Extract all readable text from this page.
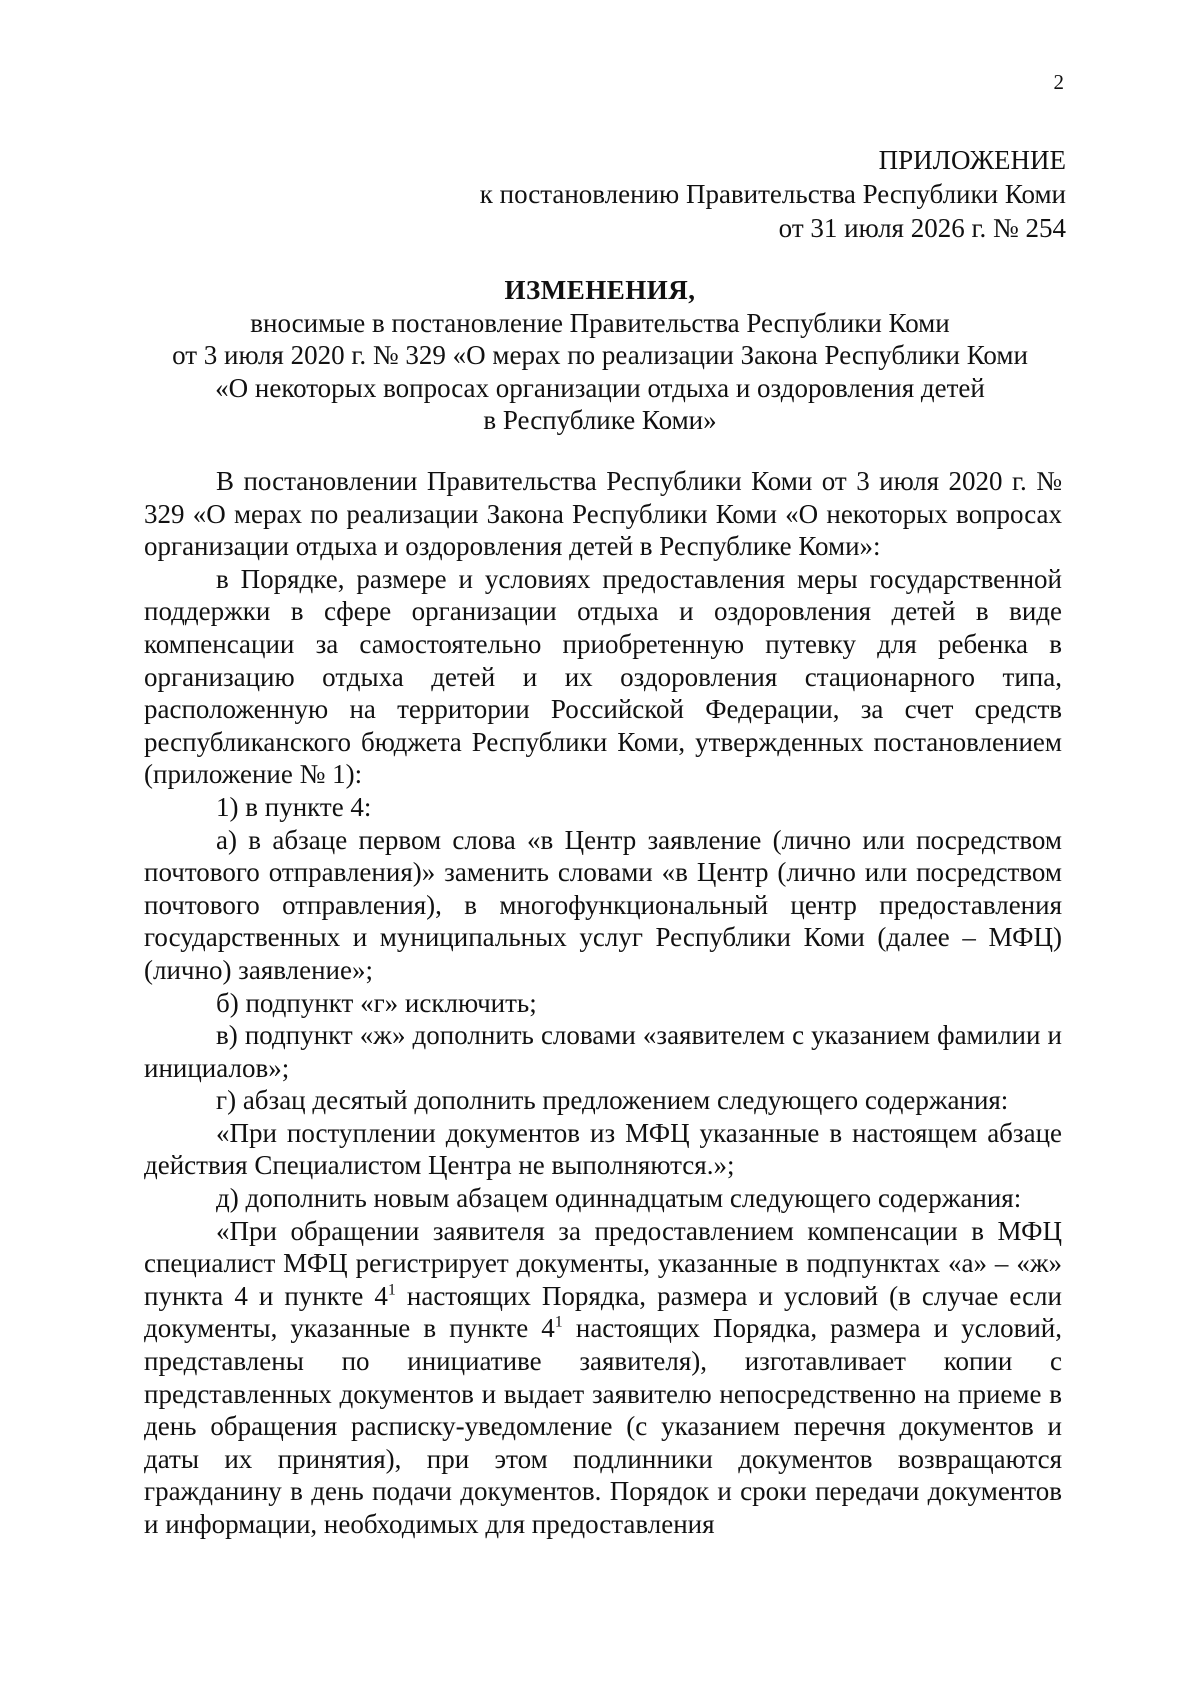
2
ПРИЛОЖЕНИЕ
к постановлению Правительства Республики Коми
от 31 июля 2026 г. № 254
ИЗМЕНЕНИЯ,
вносимые в постановление Правительства Республики Коми
от 3 июля 2020 г. № 329 «О мерах по реализации Закона Республики Коми
«О некоторых вопросах организации отдыха и оздоровления детей
в Республике Коми»

В постановлении Правительства Республики Коми от 3 июля 2020 г. № 329 «О мерах по реализации Закона Республики Коми «О некоторых вопросах организации отдыха и оздоровления детей в Республике Коми»:

в Порядке, размере и условиях предоставления меры государственной поддержки в сфере организации отдыха и оздоровления детей в виде компенсации за самостоятельно приобретенную путевку для ребенка в организацию отдыха детей и их оздоровления стационарного типа, расположенную на территории Российской Федерации, за счет средств республиканского бюджета Республики Коми, утвержденных постановлением (приложение № 1):

1) в пункте 4:

а) в абзаце первом слова «в Центр заявление (лично или посредством почтового отправления)» заменить словами «в Центр (лично или посредством почтового отправления), в многофункциональный центр предоставления государственных и муниципальных услуг Республики Коми (далее – МФЦ) (лично) заявление»;

б) подпункт «г» исключить;

в) подпункт «ж» дополнить словами «заявителем с указанием фамилии и инициалов»;

г) абзац десятый дополнить предложением следующего содержания:

«При поступлении документов из МФЦ указанные в настоящем абзаце действия Специалистом Центра не выполняются.»;

д) дополнить новым абзацем одиннадцатым следующего содержания:

«При обращении заявителя за предоставлением компенсации в МФЦ специалист МФЦ регистрирует документы, указанные в подпунктах «а» – «ж» пункта 4 и пункте $4^1$ настоящих Порядка, размера и условий (в случае если документы, указанные в пункте $4^1$ настоящих Порядка, размера и условий, представлены по инициативе заявителя), изготавливает копии с представленных документов и выдает заявителю непосредственно на приеме в день обращения расписку-уведомление (с указанием перечня документов и даты их принятия), при этом подлинники документов возвращаются гражданину в день подачи документов. Порядок и сроки передачи документов и информации, необходимых для предоставления
